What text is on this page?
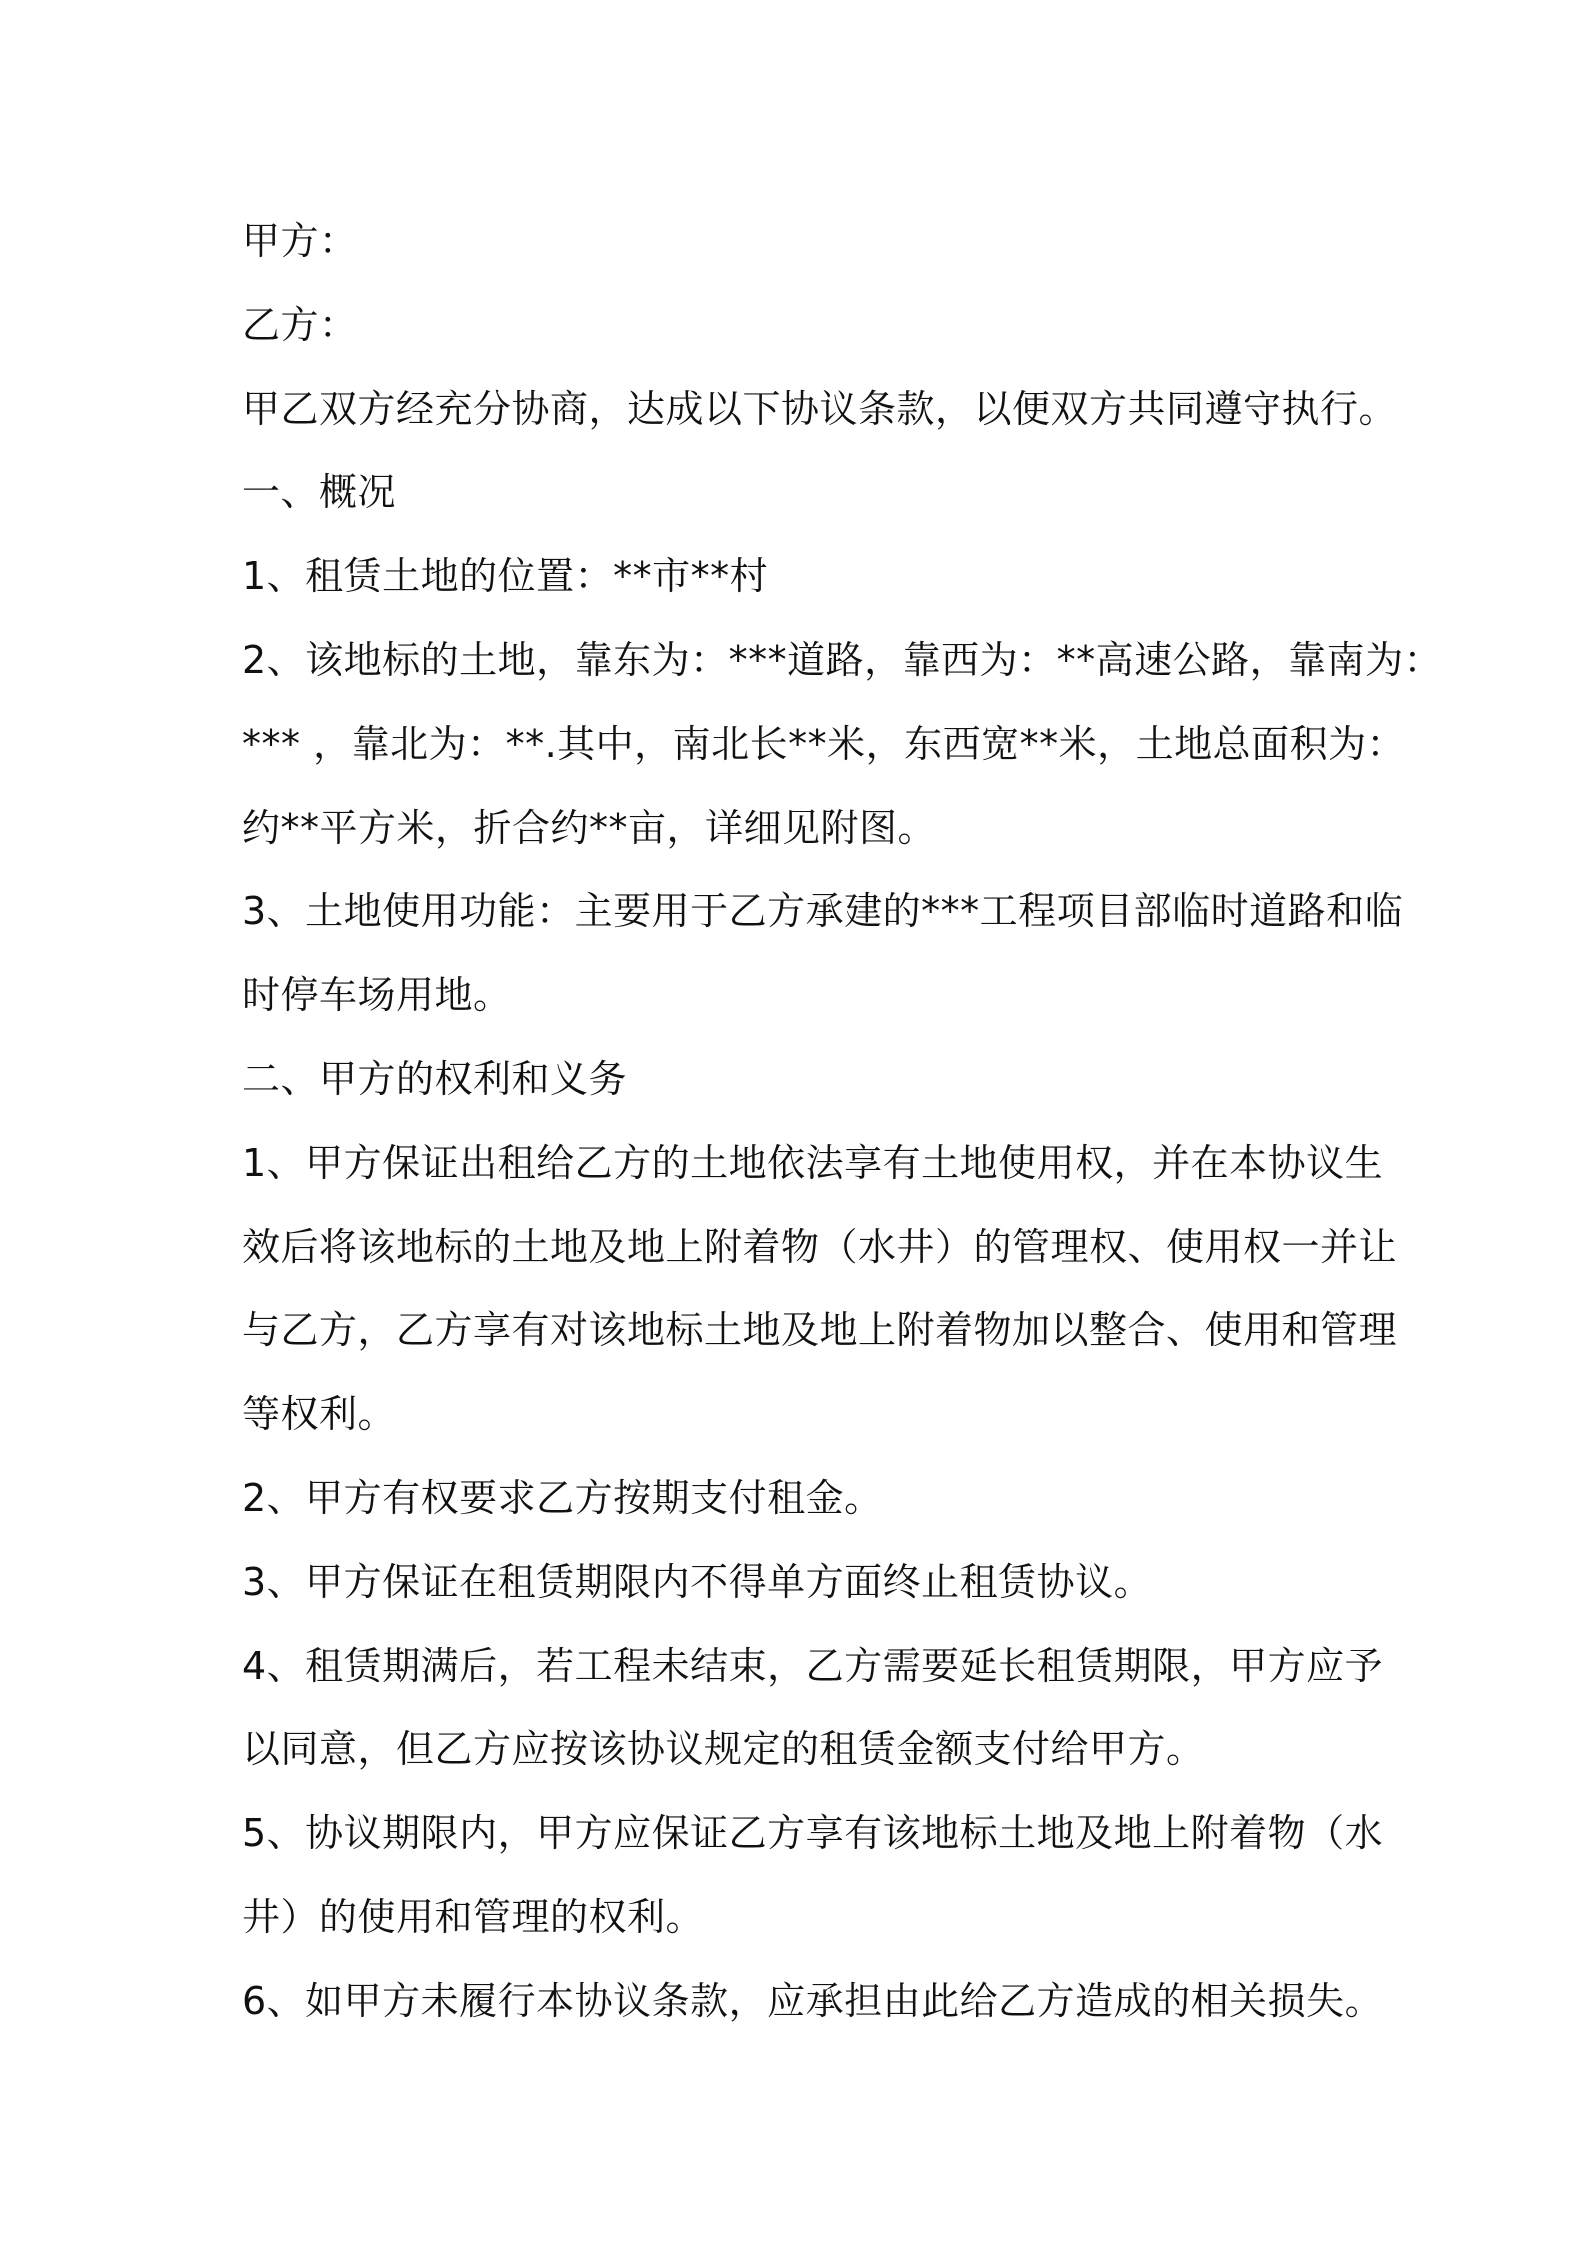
甲方：
乙方：
甲乙双方经充分协商，达成以下协议条款，以便双方共同遵守执行。
一、概况
1、租赁土地的位置：**市**村
2、该地标的土地，靠东为：***道路，靠西为：**高速公路，靠南为：
*** ，靠北为：**.其中，南北长**米，东西宽**米，土地总面积为：
约**平方米，折合约**亩，详细见附图。
3、土地使用功能：主要用于乙方承建的***工程项目部临时道路和临
时停车场用地。
二、甲方的权利和义务
1、甲方保证出租给乙方的土地依法享有土地使用权，并在本协议生
效后将该地标的土地及地上附着物（水井）的管理权、使用权一并让
与乙方，乙方享有对该地标土地及地上附着物加以整合、使用和管理
等权利。
2、甲方有权要求乙方按期支付租金。
3、甲方保证在租赁期限内不得单方面终止租赁协议。
4、租赁期满后，若工程未结束，乙方需要延长租赁期限，甲方应予
以同意，但乙方应按该协议规定的租赁金额支付给甲方。
5、协议期限内，甲方应保证乙方享有该地标土地及地上附着物（水
井）的使用和管理的权利。
6、如甲方未履行本协议条款，应承担由此给乙方造成的相关损失。
